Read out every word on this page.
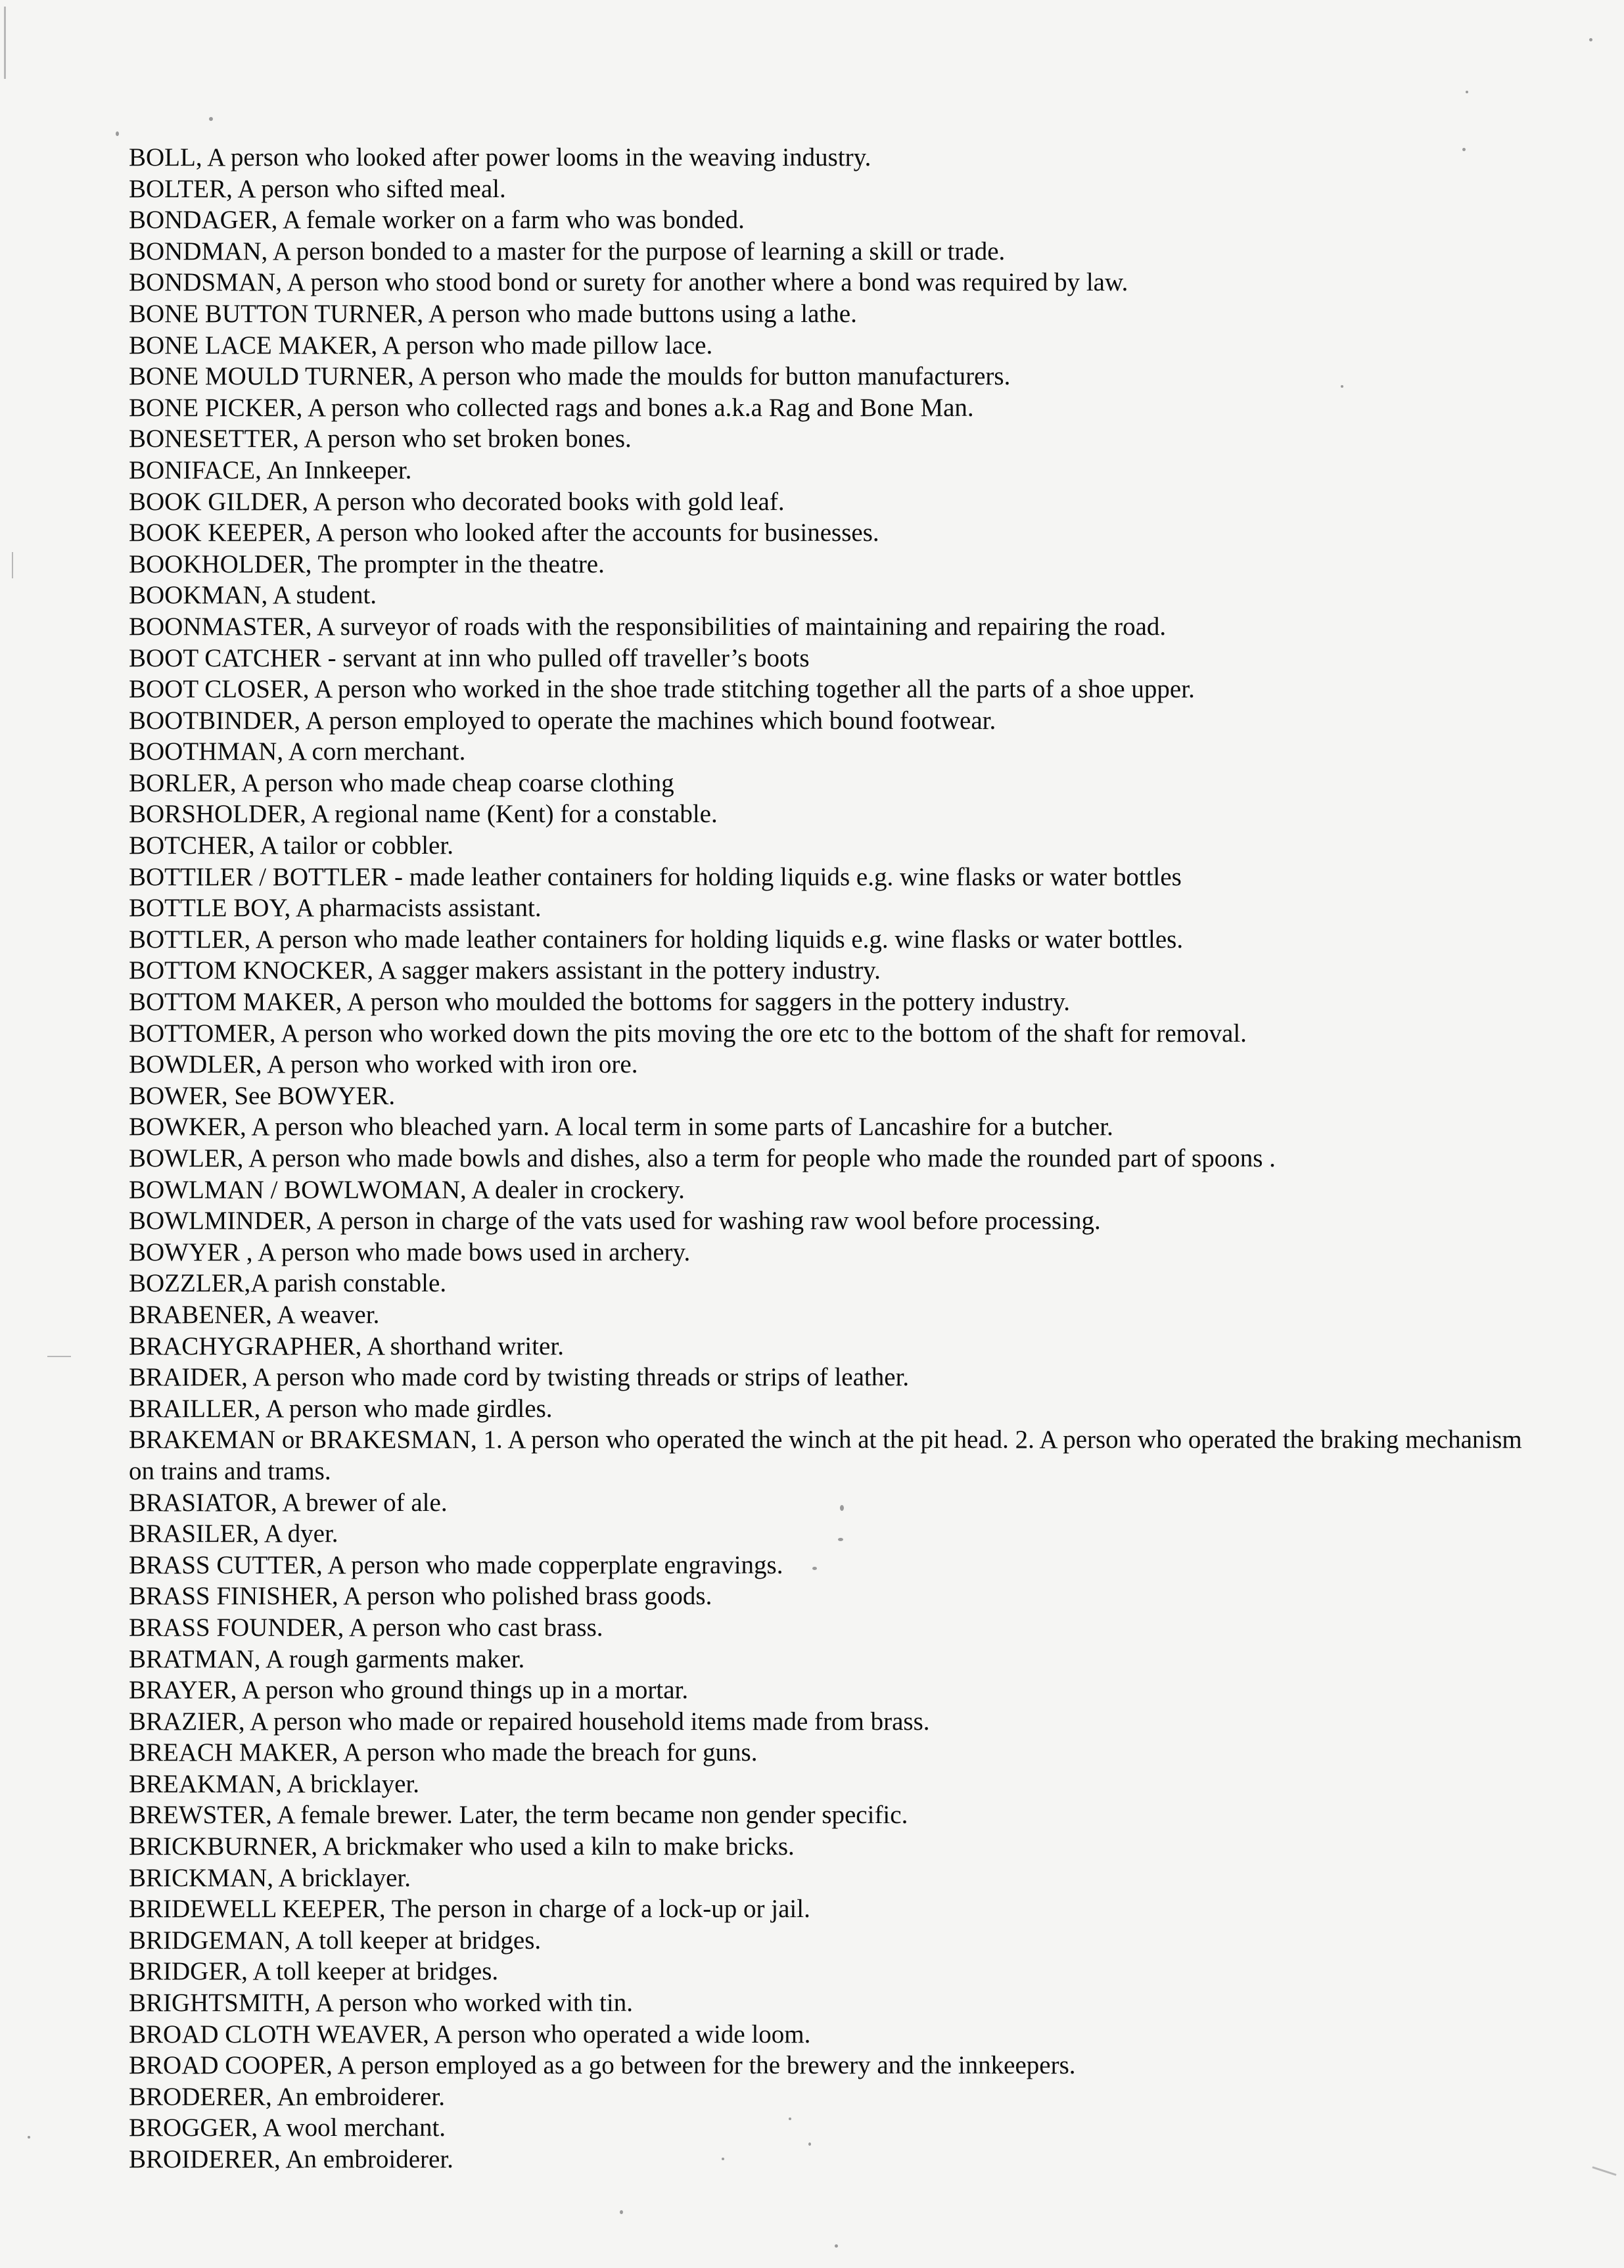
BOLL, A person who looked after power looms in the weaving industry.
BOLTER, A person who sifted meal.
BONDAGER, A female worker on a farm who was bonded.
BONDMAN, A person bonded to a master for the purpose of learning a skill or trade.
BONDSMAN, A person who stood bond or surety for another where a bond was required by law.
BONE BUTTON TURNER, A person who made buttons using a lathe.
BONE LACE MAKER, A person who made pillow lace.
BONE MOULD TURNER, A person who made the moulds for button manufacturers.
BONE PICKER, A person who collected rags and bones a.k.a Rag and Bone Man.
BONESETTER, A person who set broken bones.
BONIFACE, An Innkeeper.
BOOK GILDER, A person who decorated books with gold leaf.
BOOK KEEPER, A person who looked after the accounts for businesses.
BOOKHOLDER, The prompter in the theatre.
BOOKMAN, A student.
BOONMASTER, A surveyor of roads with the responsibilities of maintaining and repairing the road.
BOOT CATCHER - servant at inn who pulled off traveller’s boots
BOOT CLOSER, A person who worked in the shoe trade stitching together all the parts of a shoe upper.
BOOTBINDER, A person employed to operate the machines which bound footwear.
BOOTHMAN, A corn merchant.
BORLER, A person who made cheap coarse clothing
BORSHOLDER, A regional name (Kent) for a constable.
BOTCHER, A tailor or cobbler.
BOTTILER / BOTTLER - made leather containers for holding liquids e.g. wine flasks or water bottles
BOTTLE BOY, A pharmacists assistant.
BOTTLER, A person who made leather containers for holding liquids e.g. wine flasks or water bottles.
BOTTOM KNOCKER, A sagger makers assistant in the pottery industry.
BOTTOM MAKER, A person who moulded the bottoms for saggers in the pottery industry.
BOTTOMER, A person who worked down the pits moving the ore etc to the bottom of the shaft for removal.
BOWDLER, A person who worked with iron ore.
BOWER, See BOWYER.
BOWKER, A person who bleached yarn. A local term in some parts of Lancashire for a butcher.
BOWLER, A person who made bowls and dishes, also a term for people who made the rounded part of spoons .
BOWLMAN / BOWLWOMAN, A dealer in crockery.
BOWLMINDER, A person in charge of the vats used for washing raw wool before processing.
BOWYER , A person who made bows used in archery.
BOZZLER,A parish constable.
BRABENER, A weaver.
BRACHYGRAPHER, A shorthand writer.
BRAIDER, A person who made cord by twisting threads or strips of leather.
BRAILLER, A person who made girdles.
BRAKEMAN or BRAKESMAN, 1. A person who operated the winch at the pit head. 2. A person who operated the braking mechanism on trains and trams.
BRASIATOR, A brewer of ale.
BRASILER, A dyer.
BRASS CUTTER, A person who made copperplate engravings.
BRASS FINISHER, A person who polished brass goods.
BRASS FOUNDER, A person who cast brass.
BRATMAN, A rough garments maker.
BRAYER, A person who ground things up in a mortar.
BRAZIER, A person who made or repaired household items made from brass.
BREACH MAKER, A person who made the breach for guns.
BREAKMAN, A bricklayer.
BREWSTER, A female brewer. Later, the term became non gender specific.
BRICKBURNER, A brickmaker who used a kiln to make bricks.
BRICKMAN, A bricklayer.
BRIDEWELL KEEPER, The person in charge of a lock-up or jail.
BRIDGEMAN, A toll keeper at bridges.
BRIDGER, A toll keeper at bridges.
BRIGHTSMITH, A person who worked with tin.
BROAD CLOTH WEAVER, A person who operated a wide loom.
BROAD COOPER, A person employed as a go between for the brewery and the innkeepers.
BRODERER, An embroiderer.
BROGGER, A wool merchant.
BROIDERER, An embroiderer.
